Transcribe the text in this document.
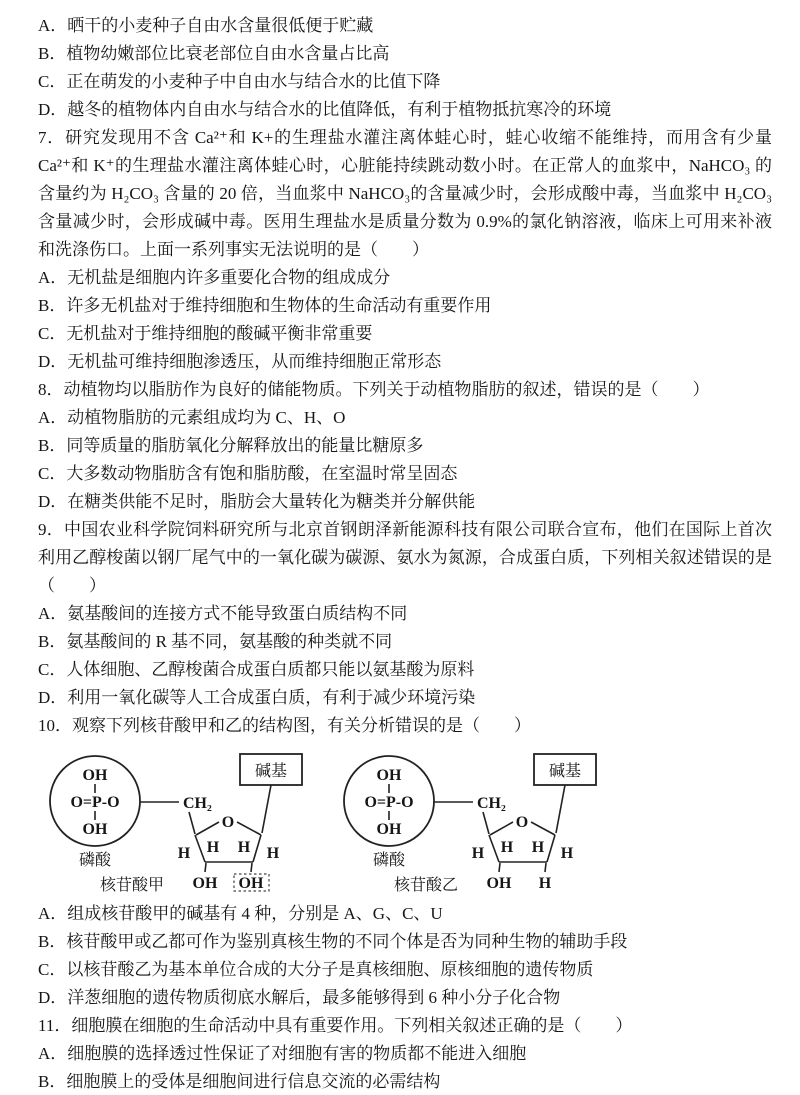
A．晒干的小麦种子自由水含量很低便于贮藏

B．植物幼嫩部位比衰老部位自由水含量占比高

C．正在萌发的小麦种子中自由水与结合水的比值下降

D．越冬的植物体内自由水与结合水的比值降低，有利于植物抵抗寒冷的环境

7．研究发现用不含 Ca²⁺和 K+的生理盐水灌注离体蛙心时，蛙心收缩不能维持，而用含有少量 Ca²⁺和 K⁺的生理盐水灌注离体蛙心时，心脏能持续跳动数小时。在正常人的血浆中，NaHCO₃ 的含量约为 H₂CO₃ 含量的 20 倍，当血浆中 NaHCO₃的含量减少时，会形成酸中毒，当血浆中 H₂CO₃含量减少时，会形成碱中毒。医用生理盐水是质量分数为 0.9%的氯化钠溶液，临床上可用来补液和洗涤伤口。上面一系列事实无法说明的是（　　）

A．无机盐是细胞内许多重要化合物的组成成分

B．许多无机盐对于维持细胞和生物体的生命活动有重要作用

C．无机盐对于维持细胞的酸碱平衡非常重要

D．无机盐可维持细胞渗透压，从而维持细胞正常形态

8．动植物均以脂肪作为良好的储能物质。下列关于动植物脂肪的叙述，错误的是（　　）

A．动植物脂肪的元素组成均为 C、H、O

B．同等质量的脂肪氧化分解释放出的能量比糖原多

C．大多数动物脂肪含有饱和脂肪酸，在室温时常呈固态

D．在糖类供能不足时，脂肪会大量转化为糖类并分解供能

9．中国农业科学院饲料研究所与北京首钢朗泽新能源科技有限公司联合宣布，他们在国际上首次利用乙醇梭菌以钢厂尾气中的一氧化碳为碳源、氨水为氮源，合成蛋白质，下列相关叙述错误的是（　　）

A．氨基酸间的连接方式不能导致蛋白质结构不同

B．氨基酸间的 R 基不同，氨基酸的种类就不同

C．人体细胞、乙醇梭菌合成蛋白质都只能以氨基酸为原料

D．利用一氧化碳等人工合成蛋白质，有利于减少环境污染

10．观察下列核苷酸甲和乙的结构图，有关分析错误的是（　　）

OH
O=P-O
OH
磷酸
CH₂
O
碱基
H H
H	H
OH OH
核苷酸甲
OH
O=P-O
OH
磷酸
CH₂
O
碱基
H H
H	H
OH H
核苷酸乙

A．组成核苷酸甲的碱基有 4 种，分别是 A、G、C、U

B．核苷酸甲或乙都可作为鉴别真核生物的不同个体是否为同种生物的辅助手段

C．以核苷酸乙为基本单位合成的大分子是真核细胞、原核细胞的遗传物质

D．洋葱细胞的遗传物质彻底水解后，最多能够得到 6 种小分子化合物

11．细胞膜在细胞的生命活动中具有重要作用。下列相关叙述正确的是（　　）

A．细胞膜的选择透过性保证了对细胞有害的物质都不能进入细胞

B．细胞膜上的受体是细胞间进行信息交流的必需结构
